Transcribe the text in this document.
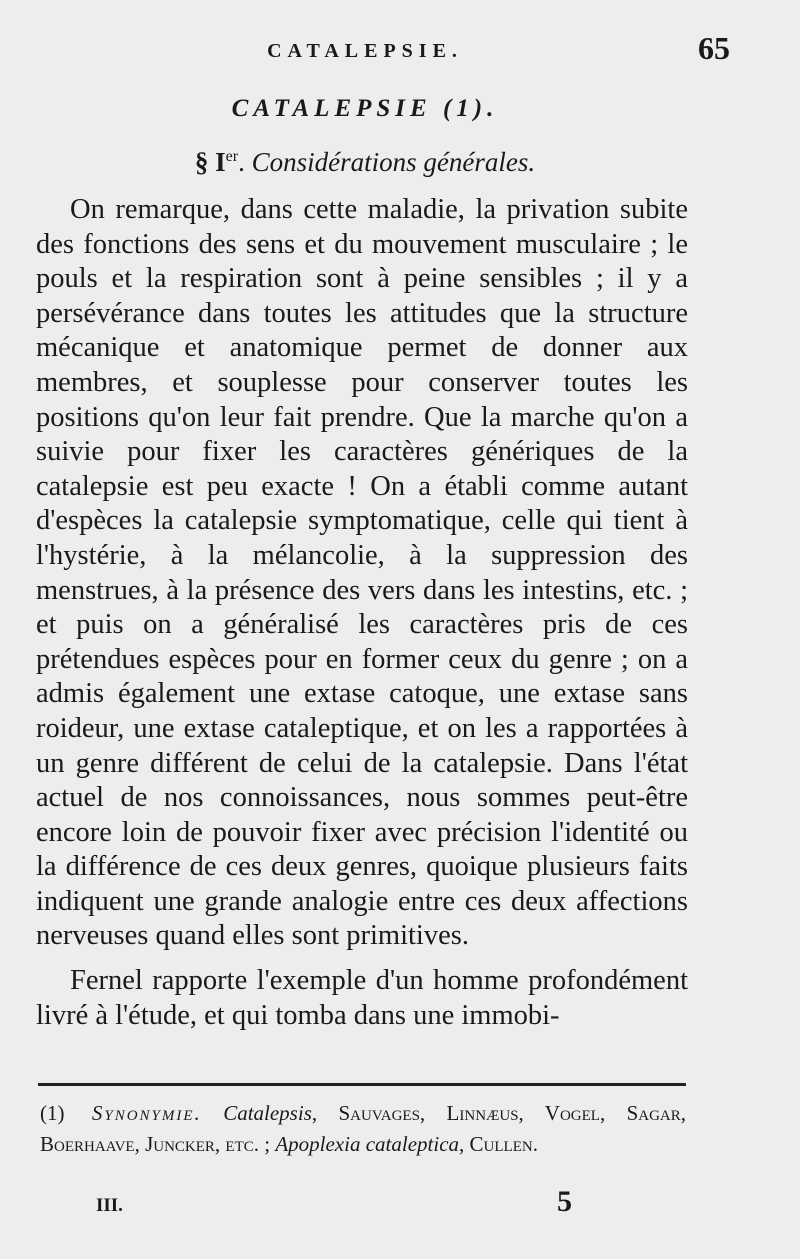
CATALEPSIE.	65
CATALEPSIE (1).
§ Ier. Considérations générales.

On remarque, dans cette maladie, la privation subite des fonctions des sens et du mouvement musculaire ; le pouls et la respiration sont à peine sensibles ; il y a persévérance dans toutes les attitudes que la structure mécanique et anatomique permet de donner aux membres, et souplesse pour conserver toutes les positions qu'on leur fait prendre. Que la marche qu'on a suivie pour fixer les caractères génériques de la catalepsie est peu exacte ! On a établi comme autant d'espèces la catalepsie symptomatique, celle qui tient à l'hystérie, à la mélancolie, à la suppression des menstrues, à la présence des vers dans les intestins, etc. ; et puis on a généralisé les caractères pris de ces prétendues espèces pour en former ceux du genre ; on a admis également une extase catoque, une extase sans roideur, une extase cataleptique, et on les a rapportées à un genre différent de celui de la catalepsie. Dans l'état actuel de nos connoissances, nous sommes peut-être encore loin de pouvoir fixer avec précision l'identité ou la différence de ces deux genres, quoique plusieurs faits indiquent une grande analogie entre ces deux affections nerveuses quand elles sont primitives.

Fernel rapporte l'exemple d'un homme profondément livré à l'étude, et qui tomba dans une immobi-

(1) Synonymie. Catalepsis, Sauvages, Linnæus, Vogel, Sagar, Boerhaave, Juncker, etc. ; Apoplexia cataleptica, Cullen.
III.	5
